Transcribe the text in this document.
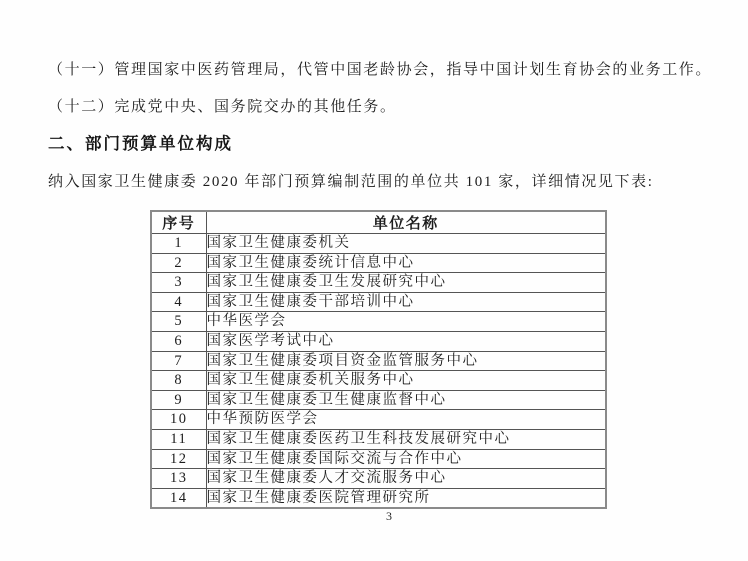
（十一）管理国家中医药管理局，代管中国老龄协会，指导中国计划生育协会的业务工作。

（十二）完成党中央、国务院交办的其他任务。

二、部门预算单位构成

纳入国家卫生健康委 2020 年部门预算编制范围的单位共 101 家，详细情况见下表:

序号	单位名称
1	国家卫生健康委机关
2	国家卫生健康委统计信息中心
3	国家卫生健康委卫生发展研究中心
4	国家卫生健康委干部培训中心
5	中华医学会
6	国家医学考试中心
7	国家卫生健康委项目资金监管服务中心
8	国家卫生健康委机关服务中心
9	国家卫生健康委卫生健康监督中心
10	中华预防医学会
11	国家卫生健康委医药卫生科技发展研究中心
12	国家卫生健康委国际交流与合作中心
13	国家卫生健康委人才交流服务中心
14	国家卫生健康委医院管理研究所
3
